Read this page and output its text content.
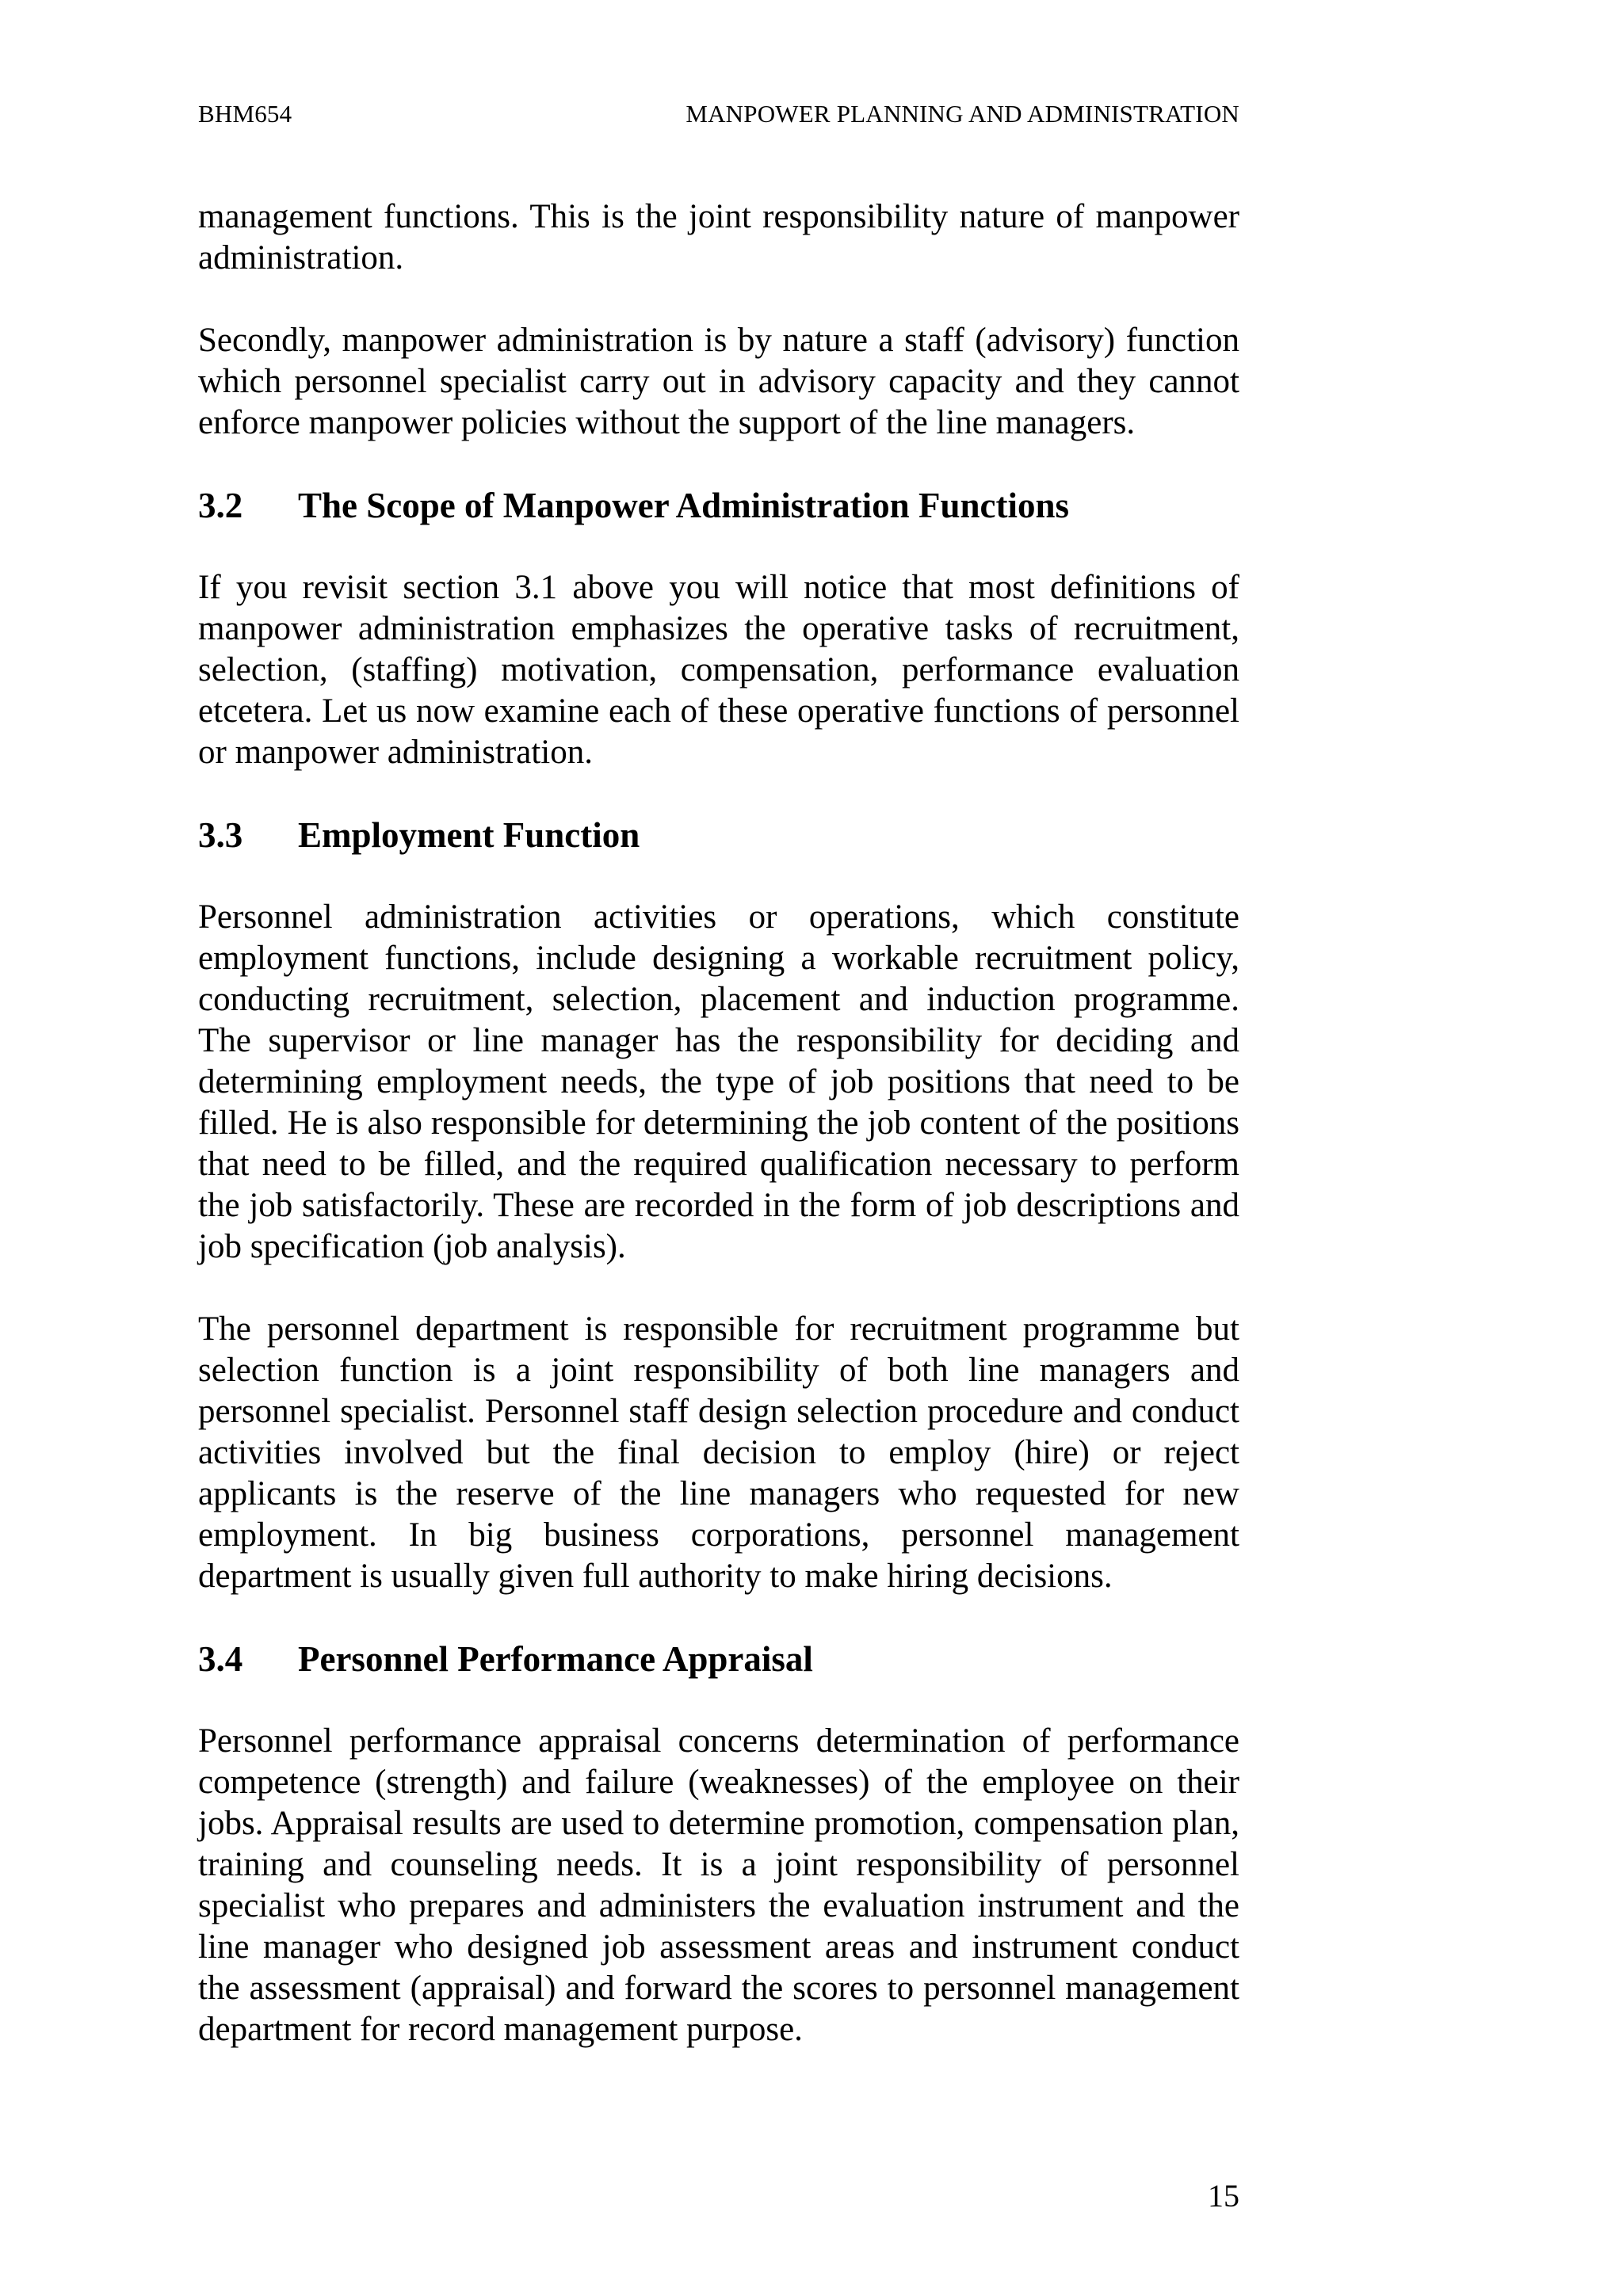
BHM654	MANPOWER PLANNING AND ADMINISTRATION

management functions. This is the joint responsibility nature of manpower administration.

Secondly, manpower administration is by nature a staff (advisory) function which personnel specialist carry out in advisory capacity and they cannot enforce manpower policies without the support of the line managers.

3.2	The Scope of Manpower Administration Functions

If you revisit section 3.1 above you will notice that most definitions of manpower administration emphasizes the operative tasks of recruitment, selection, (staffing) motivation, compensation, performance evaluation etcetera. Let us now examine each of these operative functions of personnel or manpower administration.

3.3	Employment Function

Personnel administration activities or operations, which constitute employment functions, include designing a workable recruitment policy, conducting recruitment, selection, placement and induction programme. The supervisor or line manager has the responsibility for deciding and determining employment needs, the type of job positions that need to be filled. He is also responsible for determining the job content of the positions that need to be filled, and the required qualification necessary to perform the job satisfactorily. These are recorded in the form of job descriptions and job specification (job analysis).

The personnel department is responsible for recruitment programme but selection function is a joint responsibility of both line managers and personnel specialist. Personnel staff design selection procedure and conduct activities involved but the final decision to employ (hire) or reject applicants is the reserve of the line managers who requested for new employment. In big business corporations, personnel management department is usually given full authority to make hiring decisions.

3.4	Personnel Performance Appraisal

Personnel performance appraisal concerns determination of performance competence (strength) and failure (weaknesses) of the employee on their jobs. Appraisal results are used to determine promotion, compensation plan, training and counseling needs. It is a joint responsibility of personnel specialist who prepares and administers the evaluation instrument and the line manager who designed job assessment areas and instrument conduct the assessment (appraisal) and forward the scores to personnel management department for record management purpose.

15
